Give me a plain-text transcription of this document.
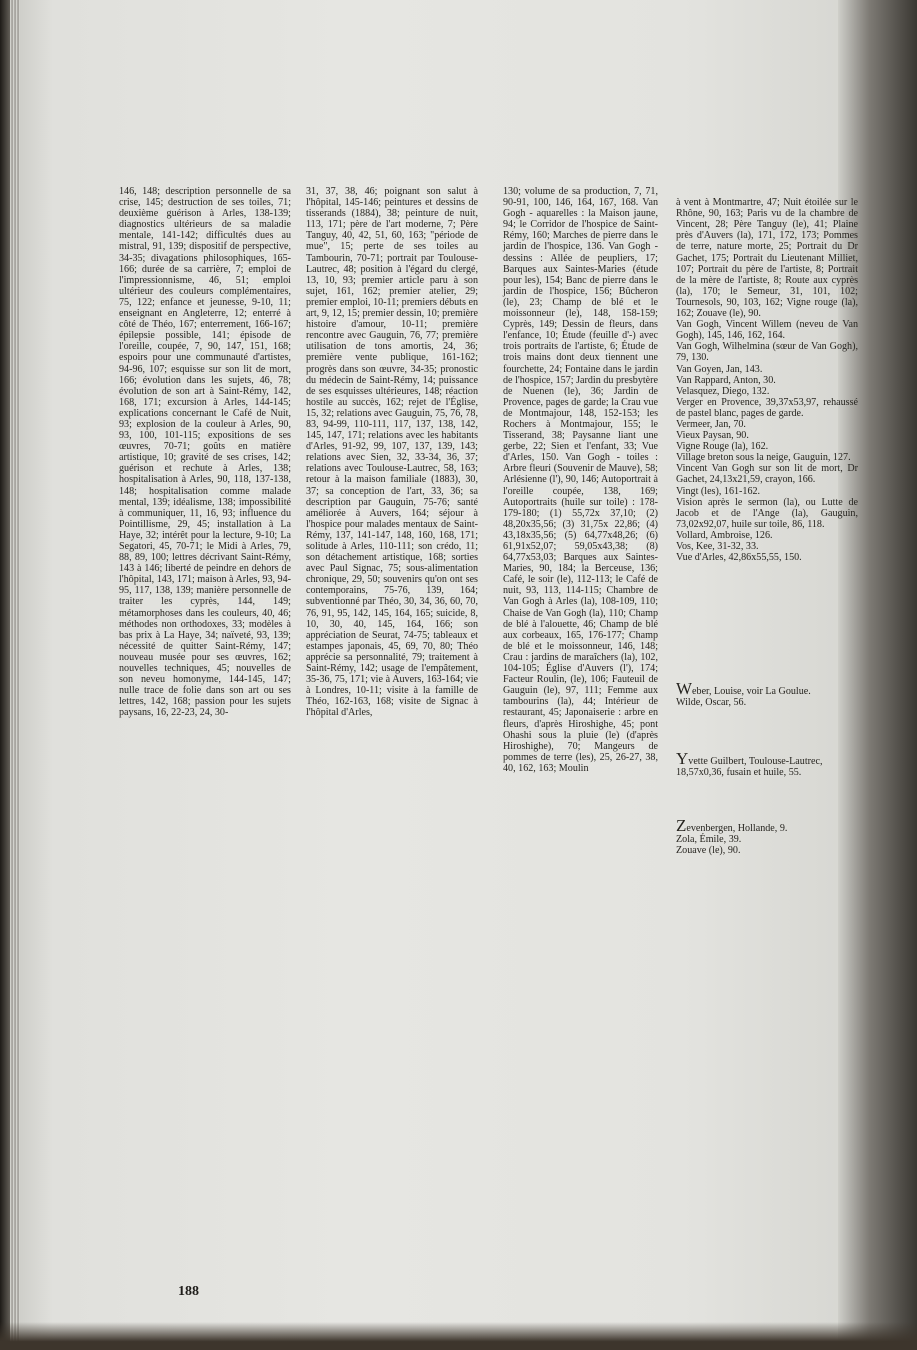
146, 148; description personnelle de sa crise, 145; destruction de ses toiles, 71; deuxième guérison à Arles, 138-139; diagnostics ultérieurs de sa maladie mentale, 141-142; difficultés dues au mistral, 91, 139; dispositif de perspective, 34-35; divagations philosophiques, 165-166; durée de sa carrière, 7; emploi de l'impressionnisme, 46, 51; emploi ultérieur des couleurs complémentaires, 75, 122; enfance et jeunesse, 9-10, 11; enseignant en Angleterre, 12; enterré à côté de Théo, 167; enterrement, 166-167; épilepsie possible, 141; épisode de l'oreille, coupée, 7, 90, 147, 151, 168; espoirs pour une communauté d'artistes, 94-96, 107; esquisse sur son lit de mort, 166; évolution dans les sujets, 46, 78; évolution de son art à Saint-Rémy, 142, 168, 171; excursion à Arles, 144-145; explications concernant le Café de Nuit, 93; explosion de la couleur à Arles, 90, 93, 100, 101-115; expositions de ses œuvres, 70-71; goûts en matière artistique, 10; gravité de ses crises, 142; guérison et rechute à Arles, 138; hospitalisation à Arles, 90, 118, 137-138, 148; hospitalisation comme malade mental, 139; idéalisme, 138; impossibilité à communiquer, 11, 16, 93; influence du Pointillisme, 29, 45; installation à La Haye, 32; intérêt pour la lecture, 9-10; La Segatori, 45, 70-71; le Midi à Arles, 79, 88, 89, 100; lettres décrivant Saint-Rémy, 143 à 146; liberté de peindre en dehors de l'hôpital, 143, 171; maison à Arles, 93, 94-95, 117, 138, 139; manière personnelle de traiter les cyprès, 144, 149; métamorphoses dans les couleurs, 40, 46; méthodes non orthodoxes, 33; modèles à bas prix à La Haye, 34; naïveté, 93, 139; nécessité de quitter Saint-Rémy, 147; nouveau musée pour ses œuvres, 162; nouvelles techniques, 45; nouvelles de son neveu homonyme, 144-145, 147; nulle trace de folie dans son art ou ses lettres, 142, 168; passion pour les sujets paysans, 16, 22-23, 24, 30-
31, 37, 38, 46; poignant son salut à l'hôpital, 145-146; peintures et dessins de tisserands (1884), 38; peinture de nuit, 113, 171; père de l'art moderne, 7; Père Tanguy, 40, 42, 51, 60, 163; "période de mue", 15; perte de ses toiles au Tambourin, 70-71; portrait par Toulouse-Lautrec, 48; position à l'égard du clergé, 13, 10, 93; premier article paru à son sujet, 161, 162; premier atelier, 29; premier emploi, 10-11; premiers débuts en art, 9, 12, 15; premier dessin, 10; première histoire d'amour, 10-11; première rencontre avec Gauguin, 76, 77; première utilisation de tons amortis, 24, 36; première vente publique, 161-162; progrès dans son œuvre, 34-35; pronostic du médecin de Saint-Rémy, 14; puissance de ses esquisses ultérieures, 148; réaction hostile au succès, 162; rejet de l'Église, 15, 32; relations avec Gauguin, 75, 76, 78, 83, 94-99, 110-111, 117, 137, 138, 142, 145, 147, 171; relations avec les habitants d'Arles, 91-92, 99, 107, 137, 139, 143; relations avec Sien, 32, 33-34, 36, 37; relations avec Toulouse-Lautrec, 58, 163; retour à la maison familiale (1883), 30, 37; sa conception de l'art, 33, 36; sa description par Gauguin, 75-76; santé améliorée à Auvers, 164; séjour à l'hospice pour malades mentaux de Saint-Rémy, 137, 141-147, 148, 160, 168, 171; solitude à Arles, 110-111; son crédo, 11; son détachement artistique, 168; sorties avec Paul Signac, 75; sous-alimentation chronique, 29, 50; souvenirs qu'on ont ses contemporains, 75-76, 139, 164; subventionné par Théo, 30, 34, 36, 60, 70, 76, 91, 95, 142, 145, 164, 165; suicide, 8, 10, 30, 40, 145, 164, 166; son appréciation de Seurat, 74-75; tableaux et estampes japonais, 45, 69, 70, 80; Théo apprécie sa personnalité, 79; traitement à Saint-Rémy, 142; usage de l'empâtement, 35-36, 75, 171; vie à Auvers, 163-164; vie à Londres, 10-11; visite à la famille de Théo, 162-163, 168; visite de Signac à l'hôpital d'Arles,
130; volume de sa production, 7, 71, 90-91, 100, 146, 164, 167, 168. Van Gogh - aquarelles : la Maison jaune, 94; le Corridor de l'hospice de Saint-Rémy, 160; Marches de pierre dans le jardin de l'hospice, 136. Van Gogh - dessins : Allée de peupliers, 17; Barques aux Saintes-Maries (étude pour les), 154; Banc de pierre dans le jardin de l'hospice, 156; Bûcheron (le), 23; Champ de blé et le moissonneur (le), 148, 158-159; Cyprès, 149; Dessin de fleurs, dans l'enfance, 10; Étude (feuille d'-) avec trois portraits de l'artiste, 6; Étude de trois mains dont deux tiennent une fourchette, 24; Fontaine dans le jardin de l'hospice, 157; Jardin du presbytère de Nuenen (le), 36; Jardin de Provence, pages de garde; la Crau vue de Montmajour, 148, 152-153; les Rochers à Montmajour, 155; le Tisserand, 38; Paysanne liant une gerbe, 22; Sien et l'enfant, 33; Vue d'Arles, 150. Van Gogh - toiles : Arbre fleuri (Souvenir de Mauve), 58; Arlésienne (l'), 90, 146; Autoportrait à l'oreille coupée, 138, 169; Autoportraits (huile sur toile) : 178-179-180; (1) 55,72x 37,10; (2) 48,20x35,56; (3) 31,75x 22,86; (4) 43,18x35,56; (5) 64,77x48,26; (6) 61,91x52,07; 59,05x43,38; (8) 64,77x53,03; Barques aux Saintes-Maries, 90, 184; la Berceuse, 136; Café, le soir (le), 112-113; le Café de nuit, 93, 113, 114-115; Chambre de Van Gogh à Arles (la), 108-109, 110; Chaise de Van Gogh (la), 110; Champ de blé à l'alouette, 46; Champ de blé aux corbeaux, 165, 176-177; Champ de blé et le moissonneur, 146, 148; Crau : jardins de maraîchers (la), 102, 104-105; Église d'Auvers (l'), 174; Facteur Roulin, (le), 106; Fauteuil de Gauguin (le), 97, 111; Femme aux tambourins (la), 44; Intérieur de restaurant, 45; Japonaiserie : arbre en fleurs, d'après Hiroshighe, 45; pont Ohashi sous la pluie (le) (d'après Hiroshighe), 70; Mangeurs de pommes de terre (les), 25, 26-27, 38, 40, 162, 163; Moulin

à vent à Montmartre, 47; Nuit étoilée sur le Rhône, 90, 163; Paris vu de la chambre de Vincent, 28; Père Tanguy (le), 41; Plaine près d'Auvers (la), 171, 172, 173; Pommes de terre, nature morte, 25; Portrait du Dr Gachet, 175; Portrait du Lieutenant Milliet, 107; Portrait du père de l'artiste, 8; Portrait de la mère de l'artiste, 8; Route aux cyprès (la), 170; le Semeur, 31, 101, 102; Tournesols, 90, 103, 162; Vigne rouge (la), 162; Zouave (le), 90.
Van Gogh, Vincent Willem (neveu de Van Gogh), 145, 146, 162, 164.
Van Gogh, Wilhelmina (sœur de Van Gogh), 79, 130.
Van Goyen, Jan, 143.
Van Rappard, Anton, 30.
Velasquez, Diego, 132.
Verger en Provence, 39,37x53,97, rehaussé de pastel blanc, pages de garde.
Vermeer, Jan, 70.
Vieux Paysan, 90.
Vigne Rouge (la), 162.
Village breton sous la neige, Gauguin, 127.
Vincent Van Gogh sur son lit de mort, Dr Gachet, 24,13x21,59, crayon, 166.
Vingt (les), 161-162.
Vision après le sermon (la), ou Lutte de Jacob et de l'Ange (la), Gauguin, 73,02x92,07, huile sur toile, 86, 118.
Vollard, Ambroise, 126.
Vos, Kee, 31-32, 33.
Vue d'Arles, 42,86x55,55, 150.

Weber, Louise, voir La Goulue.
Wilde, Oscar, 56.
Yvette Guilbert, Toulouse-Lautrec, 18,57x0,36, fusain et huile, 55.
Zevenbergen, Hollande, 9.
Zola, Émile, 39.
Zouave (le), 90.
188
